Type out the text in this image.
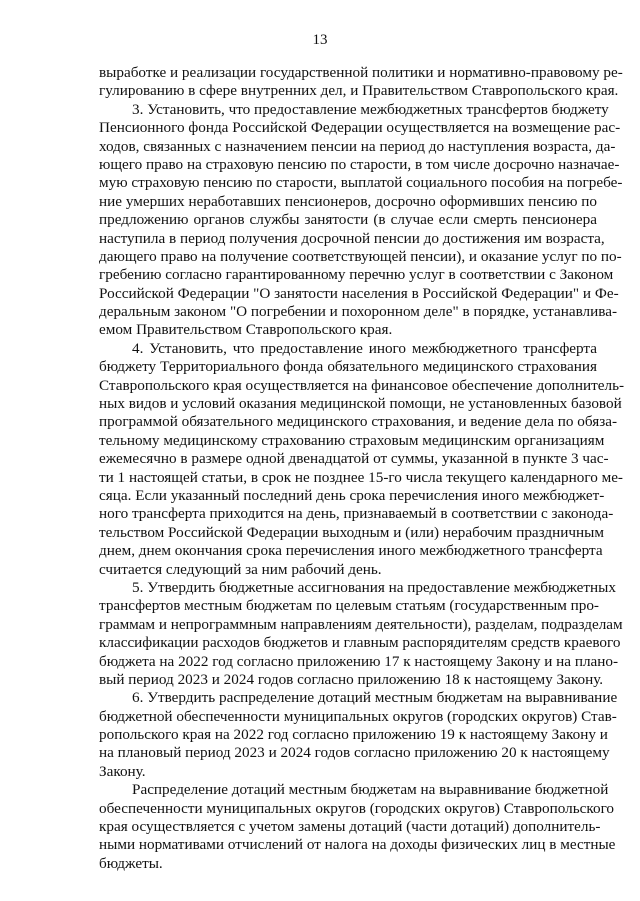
13
выработке и реализации государственной политики и нормативно-правовому ре-
гулированию в сфере внутренних дел, и Правительством Ставропольского края.
3. Установить, что предоставление межбюджетных трансфертов бюджету
Пенсионного фонда Российской Федерации осуществляется на возмещение рас-
ходов, связанных с назначением пенсии на период до наступления возраста, да-
ющего право на страховую пенсию по старости, в том числе досрочно назначае-
мую страховую пенсию по старости, выплатой социального пособия на погребе-
ние умерших неработавших пенсионеров, досрочно оформивших пенсию по
предложению органов службы занятости (в случае если смерть пенсионера
наступила в период получения досрочной пенсии до достижения им возраста,
дающего право на получение соответствующей пенсии), и оказание услуг по по-
гребению согласно гарантированному перечню услуг в соответствии с Законом
Российской Федерации "О занятости населения в Российской Федерации" и Фе-
деральным законом "О погребении и похоронном деле" в порядке, устанавлива-
емом Правительством Ставропольского края.
4. Установить, что предоставление иного межбюджетного трансферта
бюджету Территориального фонда обязательного медицинского страхования
Ставропольского края осуществляется на финансовое обеспечение дополнитель-
ных видов и условий оказания медицинской помощи, не установленных базовой
программой обязательного медицинского страхования, и ведение дела по обяза-
тельному медицинскому страхованию страховым медицинским организациям
ежемесячно в размере одной двенадцатой от суммы, указанной в пункте 3 час-
ти 1 настоящей статьи, в срок не позднее 15-го числа текущего календарного ме-
сяца. Если указанный последний день срока перечисления иного межбюджет-
ного трансферта приходится на день, признаваемый в соответствии с законода-
тельством Российской Федерации выходным и (или) нерабочим праздничным
днем, днем окончания срока перечисления иного межбюджетного трансферта
считается следующий за ним рабочий день.
5. Утвердить бюджетные ассигнования на предоставление межбюджетных
трансфертов местным бюджетам по целевым статьям (государственным про-
граммам и непрограммным направлениям деятельности), разделам, подразделам
классификации расходов бюджетов и главным распорядителям средств краевого
бюджета на 2022 год согласно приложению 17 к настоящему Закону и на плано-
вый период 2023 и 2024 годов согласно приложению 18 к настоящему Закону.
6. Утвердить распределение дотаций местным бюджетам на выравнивание
бюджетной обеспеченности муниципальных округов (городских округов) Став-
ропольского края на 2022 год согласно приложению 19 к настоящему Закону и
на плановый период 2023 и 2024 годов согласно приложению 20 к настоящему
Закону.
Распределение дотаций местным бюджетам на выравнивание бюджетной
обеспеченности муниципальных округов (городских округов) Ставропольского
края осуществляется с учетом замены дотаций (части дотаций) дополнитель-
ными нормативами отчислений от налога на доходы физических лиц в местные
бюджеты.
